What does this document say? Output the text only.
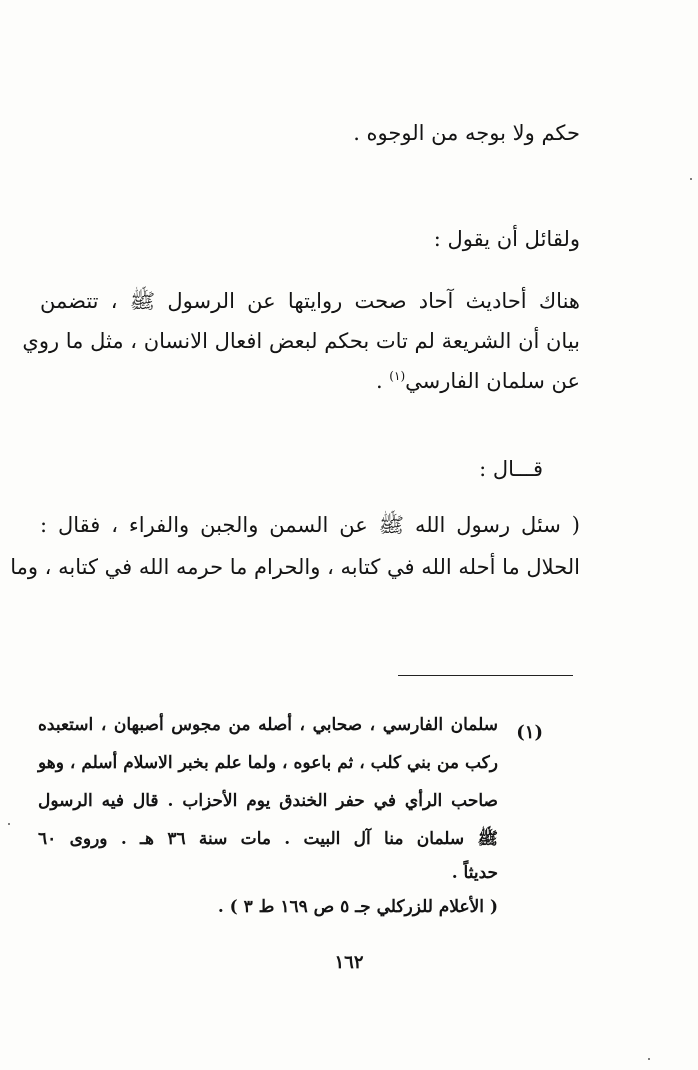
حكم ولا بوجه من الوجوه .
ولقائل أن يقول :
هناك أحاديث آحاد صحت روايتها عن الرسول ﷺ ، تتضمن
بيان أن الشريعة لم تات بحكم لبعض افعال الانسان ، مثل ما روي
عن سلمان الفارسي$^{(١)}$ .
قـــال :
( سئل رسول الله ﷺ عن السمن والجبن والفراء ، فقال :
الحلال ما أحله الله في كتابه ، والحرام ما حرمه الله في كتابه ، وما
(١)
سلمان الفارسي ، صحابي ، أصله من مجوس أصبهان ، استعبده
ركب من بني كلب ، ثم باعوه ، ولما علم بخبر الاسلام أسلم ، وهو
صاحب الرأي في حفر الخندق يوم الأحزاب . قال فيه الرسول
ﷺ سلمان منا آل البيت . مات سنة ٣٦ هـ . وروى ٦٠
حديثاً .
( الأعلام للزركلي جـ ٥ ص ١٦٩ ط ٣ ) .
١٦٢
